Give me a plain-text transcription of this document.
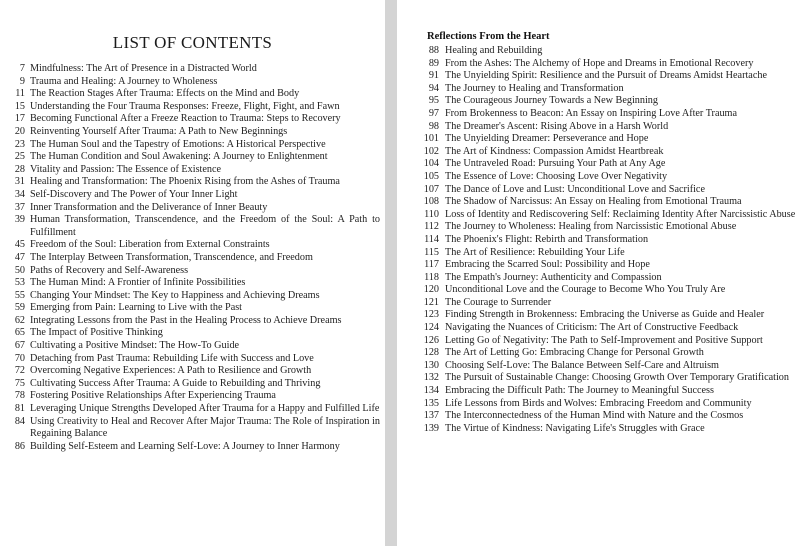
LIST OF CONTENTS
7 Mindfulness: The Art of Presence in a Distracted World
9 Trauma and Healing: A Journey to Wholeness
11 The Reaction Stages After Trauma: Effects on the Mind and Body
15 Understanding the Four Trauma Responses: Freeze, Flight, Fight, and Fawn
17 Becoming Functional After a Freeze Reaction to Trauma: Steps to Recovery
20 Reinventing Yourself After Trauma: A Path to New Beginnings
23 The Human Soul and the Tapestry of Emotions: A Historical Perspective
25 The Human Condition and Soul Awakening: A Journey to Enlightenment
28 Vitality and Passion: The Essence of Existence
31 Healing and Transformation: The Phoenix Rising from the Ashes of Trauma
34 Self-Discovery and The Power of Your Inner Light
37 Inner Transformation and the Deliverance of Inner Beauty
39 Human Transformation, Transcendence, and the Freedom of the Soul: A Path to Fulfillment
45 Freedom of the Soul: Liberation from External Constraints
47 The Interplay Between Transformation, Transcendence, and Freedom
50 Paths of Recovery and Self-Awareness
53 The Human Mind: A Frontier of Infinite Possibilities
55 Changing Your Mindset: The Key to Happiness and Achieving Dreams
59 Emerging from Pain: Learning to Live with the Past
62 Integrating Lessons from the Past in the Healing Process to Achieve Dreams
65 The Impact of Positive Thinking
67 Cultivating a Positive Mindset: The How-To Guide
70 Detaching from Past Trauma: Rebuilding Life with Success and Love
72 Overcoming Negative Experiences: A Path to Resilience and Growth
75 Cultivating Success After Trauma: A Guide to Rebuilding and Thriving
78 Fostering Positive Relationships After Experiencing Trauma
81 Leveraging Unique Strengths Developed After Trauma for a Happy and Fulfilled Life
84 Using Creativity to Heal and Recover After Major Trauma: The Role of Inspiration in Regaining Balance
86 Building Self-Esteem and Learning Self-Love: A Journey to Inner Harmony
Reflections From the Heart
88 Healing and Rebuilding
89 From the Ashes: The Alchemy of Hope and Dreams in Emotional Recovery
91 The Unyielding Spirit: Resilience and the Pursuit of Dreams Amidst Heartache
94 The Journey to Healing and Transformation
95 The Courageous Journey Towards a New Beginning
97 From Brokenness to Beacon: An Essay on Inspiring Love After Trauma
98 The Dreamer's Ascent: Rising Above in a Harsh World
101 The Unyielding Dreamer: Perseverance and Hope
102 The Art of Kindness: Compassion Amidst Heartbreak
104 The Untraveled Road: Pursuing Your Path at Any Age
105 The Essence of Love: Choosing Love Over Negativity
107 The Dance of Love and Lust: Unconditional Love and Sacrifice
108 The Shadow of Narcissus: An Essay on Healing from Emotional Trauma
110 Loss of Identity and Rediscovering Self: Reclaiming Identity After Narcissistic Abuse
112 The Journey to Wholeness: Healing from Narcissistic Emotional Abuse
114 The Phoenix's Flight: Rebirth and Transformation
115 The Art of Resilience: Rebuilding Your Life
117 Embracing the Scarred Soul: Possibility and Hope
118 The Empath's Journey: Authenticity and Compassion
120 Unconditional Love and the Courage to Become Who You Truly Are
121 The Courage to Surrender
123 Finding Strength in Brokenness: Embracing the Universe as Guide and Healer
124 Navigating the Nuances of Criticism: The Art of Constructive Feedback
126 Letting Go of Negativity: The Path to Self-Improvement and Positive Support
128 The Art of Letting Go: Embracing Change for Personal Growth
130 Choosing Self-Love: The Balance Between Self-Care and Altruism
132 The Pursuit of Sustainable Change: Choosing Growth Over Temporary Gratification
134 Embracing the Difficult Path: The Journey to Meaningful Success
135 Life Lessons from Birds and Wolves: Embracing Freedom and Community
137 The Interconnectedness of the Human Mind with Nature and the Cosmos
139 The Virtue of Kindness: Navigating Life's Struggles with Grace
